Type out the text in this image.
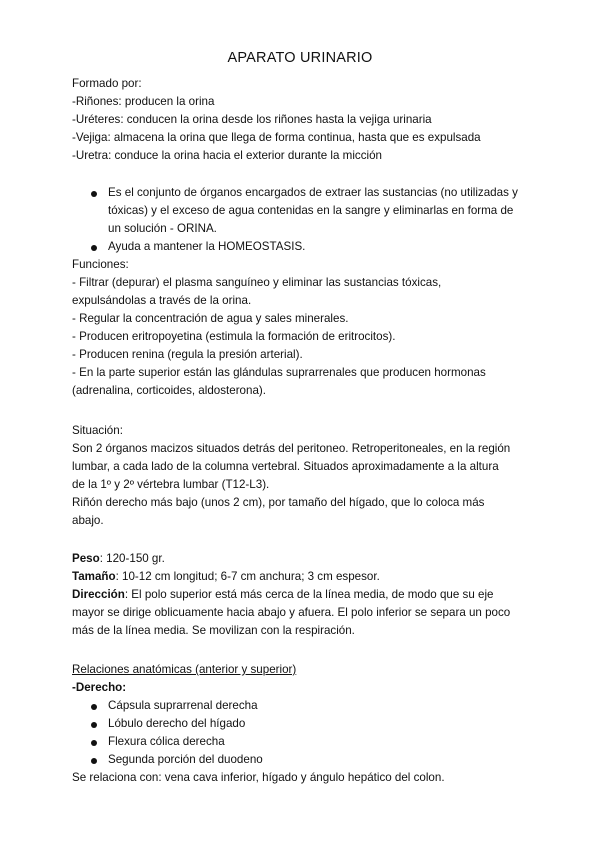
APARATO URINARIO
Formado por:
-Riñones: producen la orina
-Uréteres: conducen la orina desde los riñones hasta la vejiga urinaria
-Vejiga: almacena la orina que llega de forma continua, hasta que es expulsada
-Uretra: conduce la orina hacia el exterior durante la micción
Es el conjunto de órganos encargados de extraer las sustancias (no utilizadas y
tóxicas) y el exceso de agua contenidas en la sangre y eliminarlas en forma de
un solución - ORINA.
Ayuda a mantener la HOMEOSTASIS.
Funciones:
- Filtrar (depurar) el plasma sanguíneo y eliminar las sustancias tóxicas,
expulsándolas a través de la orina.
- Regular la concentración de agua y sales minerales.
- Producen eritropoyetina (estimula la formación de eritrocitos).
- Producen renina (regula la presión arterial).
- En la parte superior están las glándulas suprarrenales que producen hormonas
(adrenalina, corticoides, aldosterona).
Situación:
Son 2 órganos macizos situados detrás del peritoneo. Retroperitoneales, en la región
lumbar, a cada lado de la columna vertebral. Situados aproximadamente a la altura
de la 1º y 2º vértebra lumbar (T12-L3).
Riñón derecho más bajo (unos 2 cm), por tamaño del hígado, que lo coloca más
abajo.
Peso: 120-150 gr.
Tamaño: 10-12 cm longitud; 6-7 cm anchura; 3 cm espesor.
Dirección: El polo superior está más cerca de la línea media, de modo que su eje
mayor se dirige oblicuamente hacia abajo y afuera. El polo inferior se separa un poco
más de la línea media. Se movilizan con la respiración.
Relaciones anatómicas (anterior y superior)
-Derecho:
Cápsula suprarrenal derecha
Lóbulo derecho del hígado
Flexura cólica derecha
Segunda porción del duodeno
Se relaciona con: vena cava inferior, hígado y ángulo hepático del colon.
